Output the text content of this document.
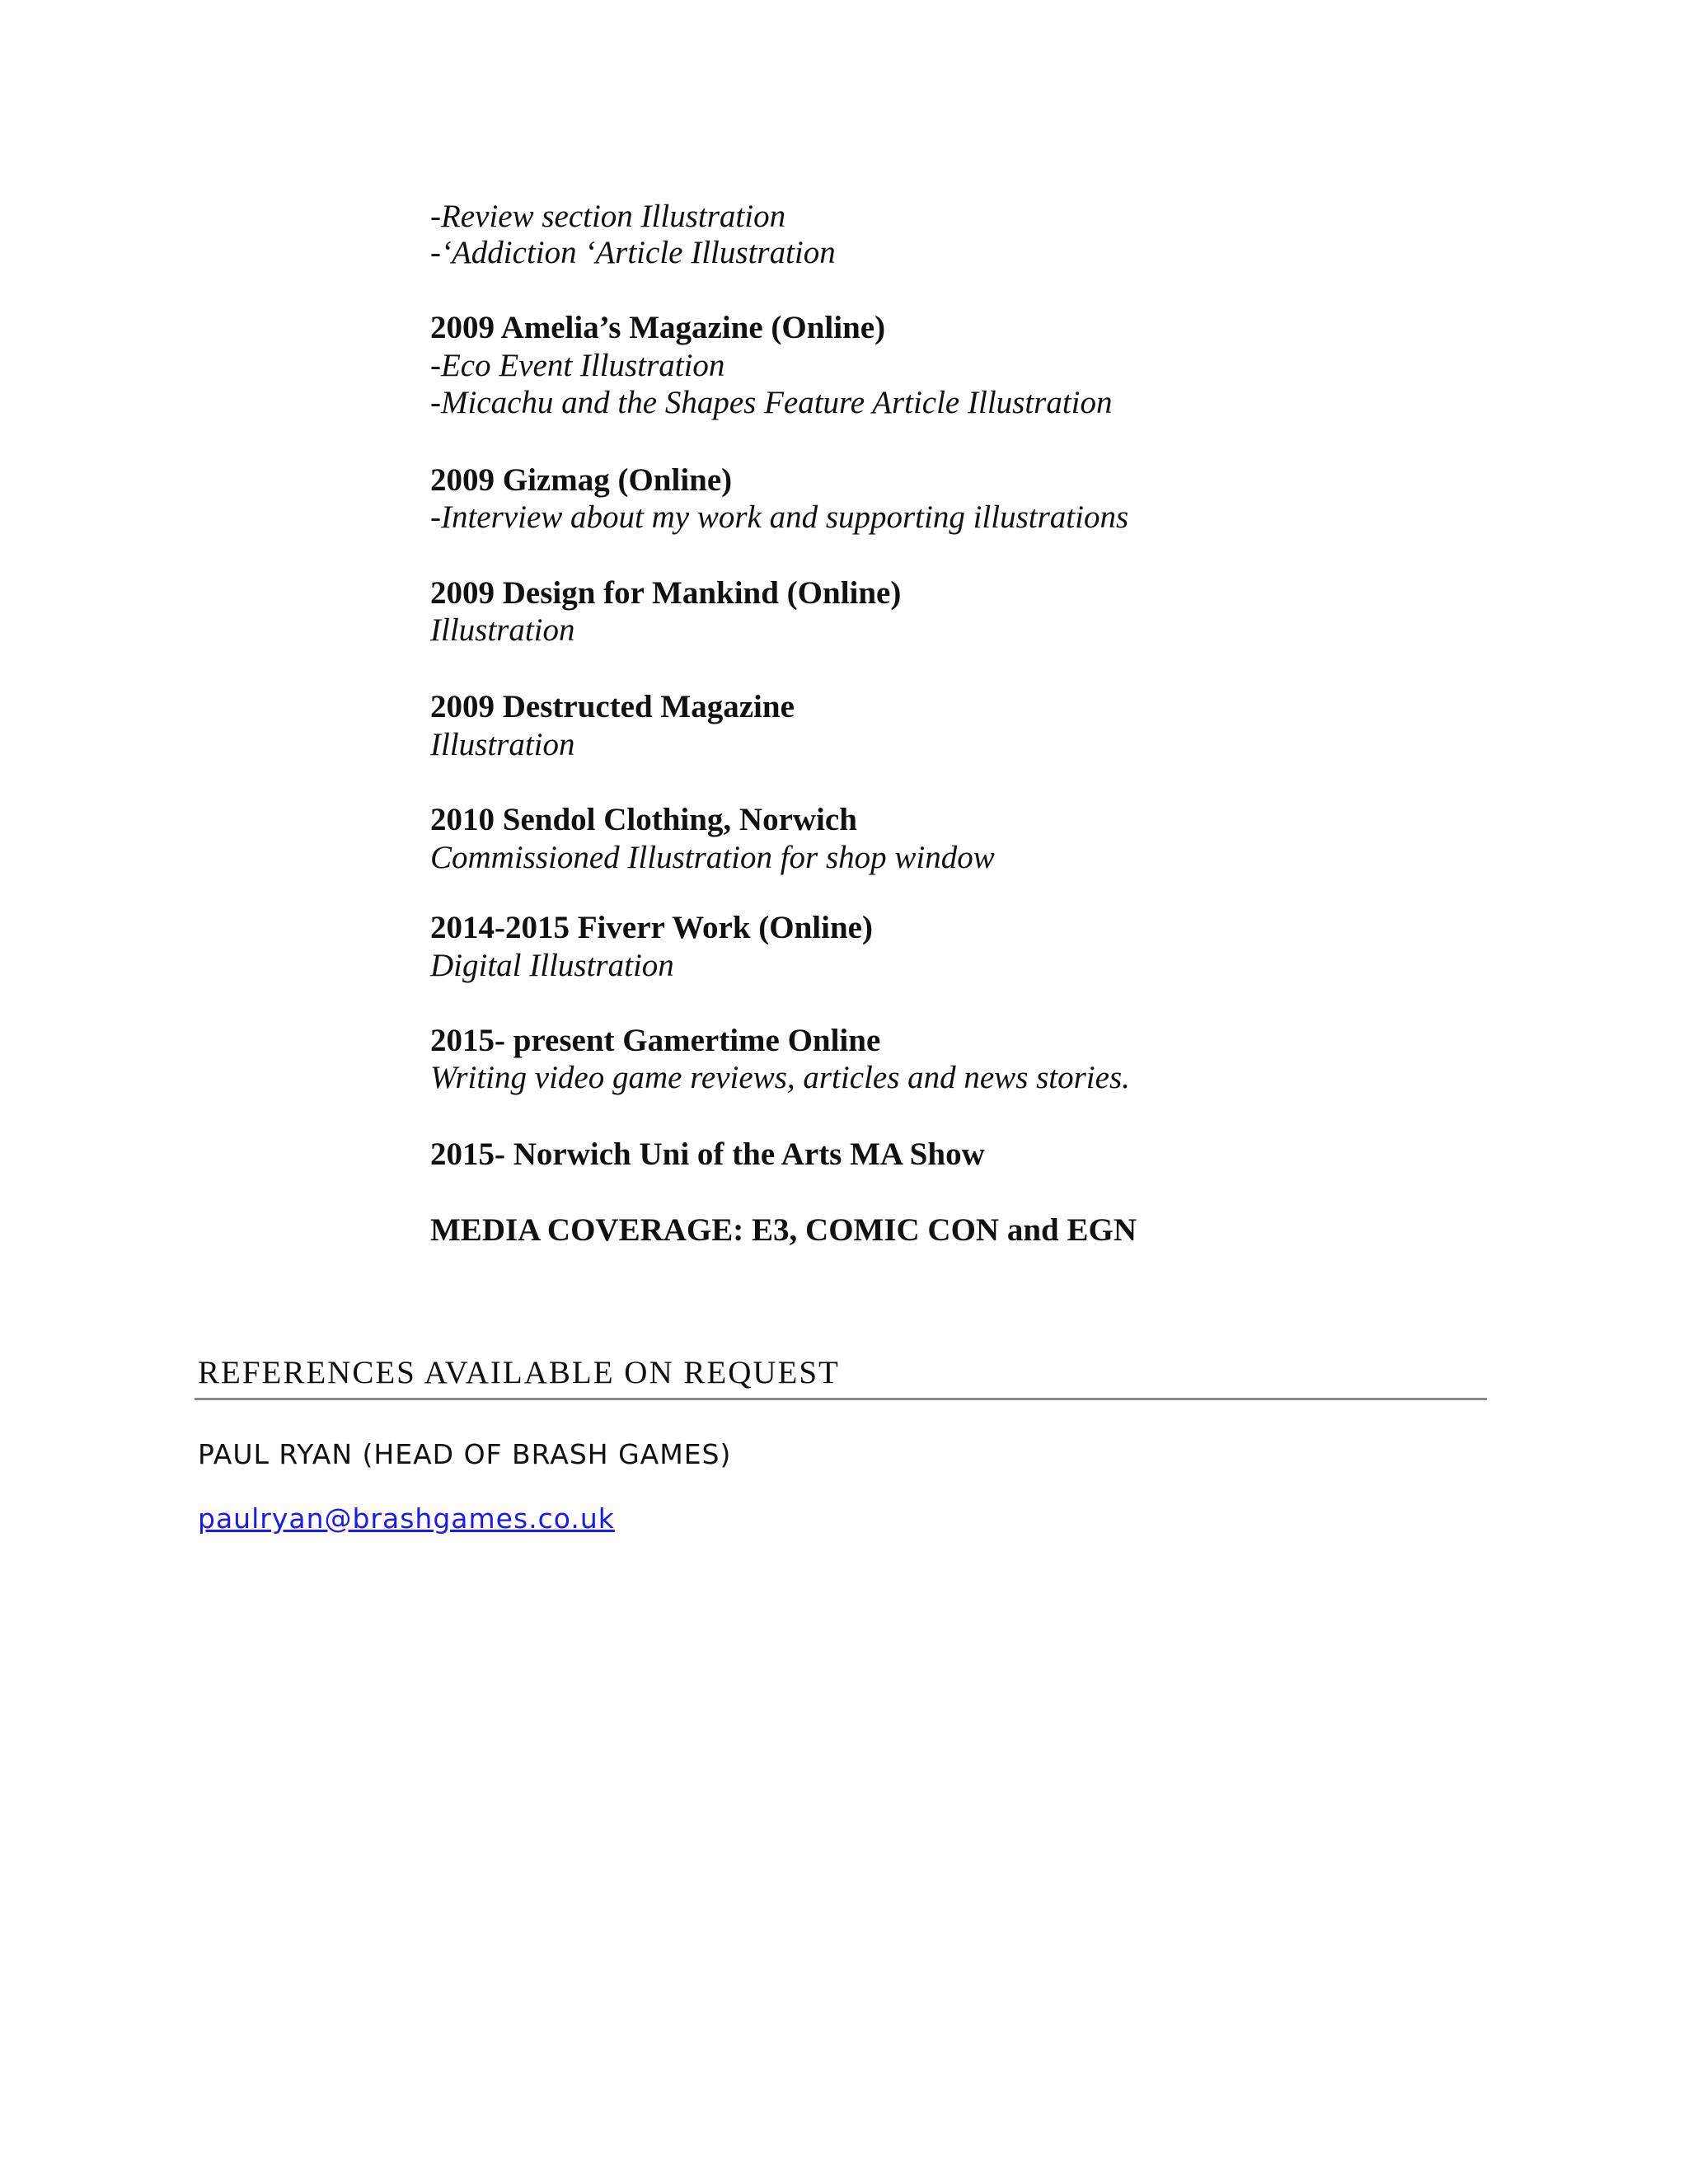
-Review section Illustration
-‘Addiction ‘Article Illustration
2009 Amelia’s Magazine (Online)
-Eco Event Illustration
-Micachu and the Shapes Feature Article Illustration
2009 Gizmag (Online)
-Interview about my work and supporting illustrations
2009 Design for Mankind (Online)
Illustration
2009 Destructed Magazine
Illustration
2010 Sendol Clothing, Norwich
Commissioned Illustration for shop window
2014-2015 Fiverr Work (Online)
Digital Illustration
2015- present Gamertime Online
Writing video game reviews, articles and news stories.
2015- Norwich Uni of the Arts MA Show
MEDIA COVERAGE: E3, COMIC CON and EGN
REFERENCES AVAILABLE ON REQUEST
PAUL RYAN (HEAD OF BRASH GAMES)
paulryan@brashgames.co.uk
